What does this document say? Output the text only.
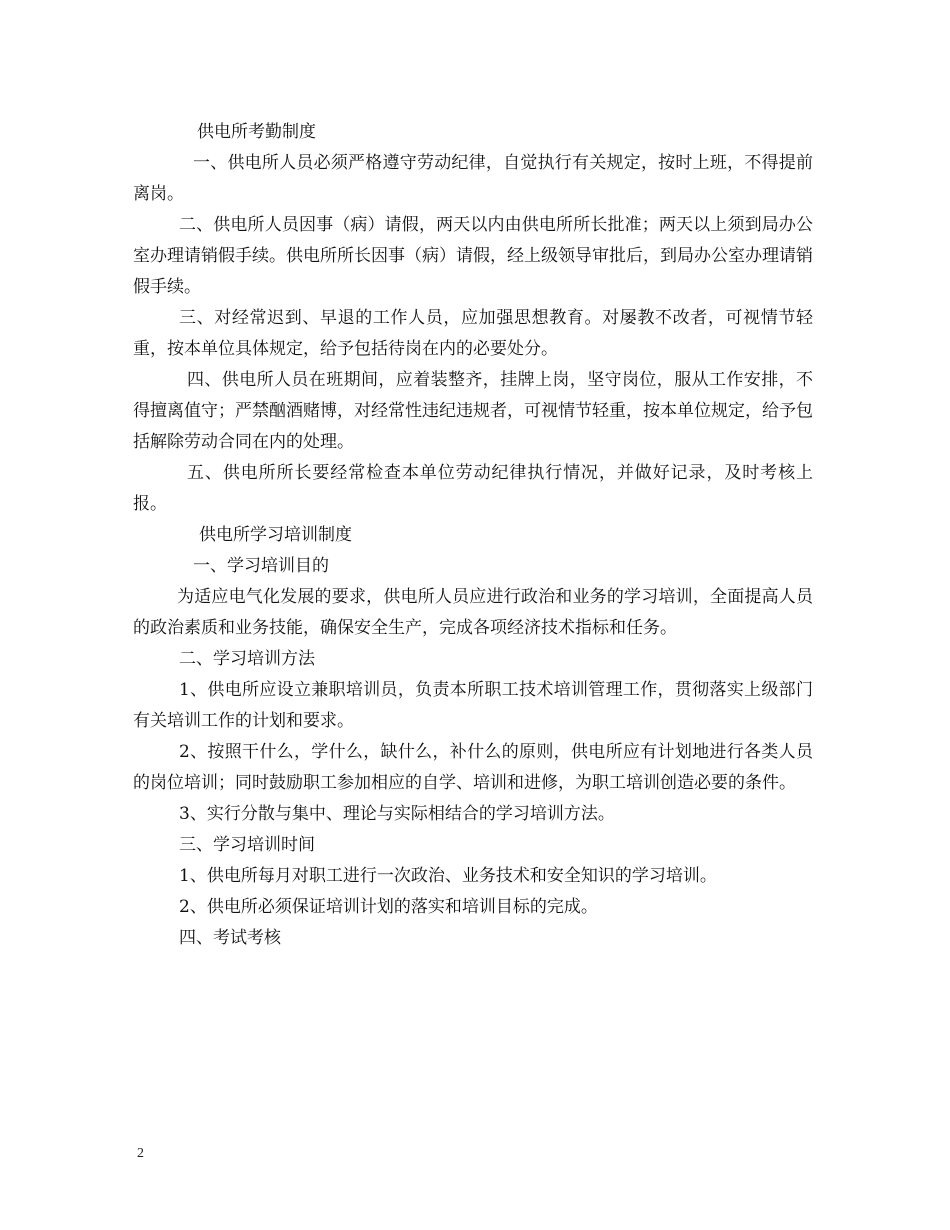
供电所考勤制度

一、供电所人员必须严格遵守劳动纪律，自觉执行有关规定，按时上班，不得提前离岗。

二、供电所人员因事（病）请假，两天以内由供电所所长批准；两天以上须到局办公室办理请销假手续。供电所所长因事（病）请假，经上级领导审批后，到局办公室办理请销假手续。

三、对经常迟到、早退的工作人员，应加强思想教育。对屡教不改者，可视情节轻重，按本单位具体规定，给予包括待岗在内的必要处分。

四、供电所人员在班期间，应着装整齐，挂牌上岗，坚守岗位，服从工作安排，不得擅离值守；严禁酗酒赌博，对经常性违纪违规者，可视情节轻重，按本单位规定，给予包括解除劳动合同在内的处理。

五、供电所所长要经常检查本单位劳动纪律执行情况，并做好记录，及时考核上报。

供电所学习培训制度

一、学习培训目的

为适应电气化发展的要求，供电所人员应进行政治和业务的学习培训，全面提高人员的政治素质和业务技能，确保安全生产，完成各项经济技术指标和任务。

二、学习培训方法

1、供电所应设立兼职培训员，负责本所职工技术培训管理工作，贯彻落实上级部门有关培训工作的计划和要求。

2、按照干什么，学什么，缺什么，补什么的原则，供电所应有计划地进行各类人员的岗位培训；同时鼓励职工参加相应的自学、培训和进修，为职工培训创造必要的条件。

3、实行分散与集中、理论与实际相结合的学习培训方法。

三、学习培训时间

1、供电所每月对职工进行一次政治、业务技术和安全知识的学习培训。

2、供电所必须保证培训计划的落实和培训目标的完成。

四、考试考核

2
